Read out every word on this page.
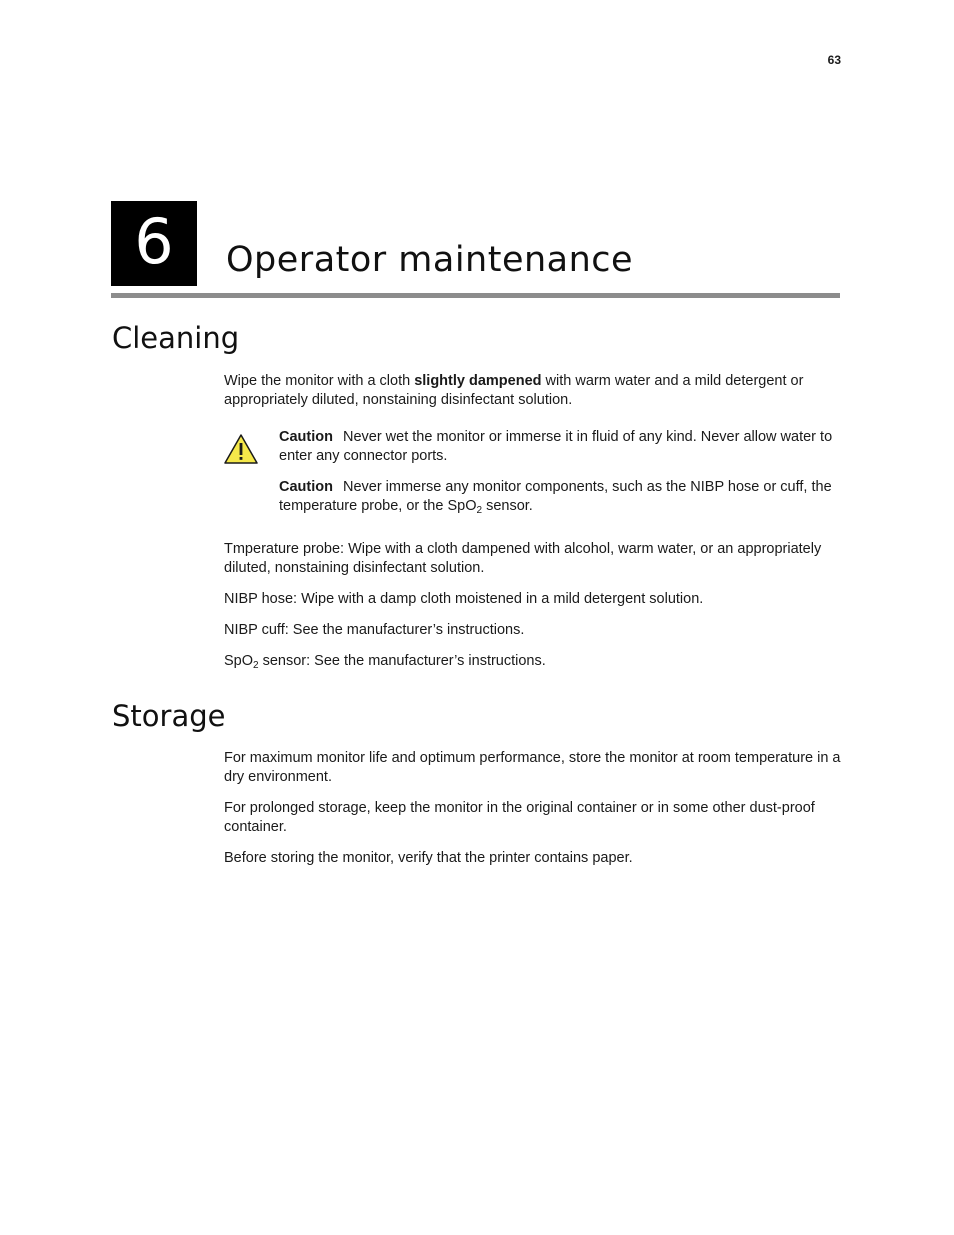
63
6	Operator maintenance
Cleaning
Wipe the monitor with a cloth slightly dampened with warm water and a mild detergent or appropriately diluted, nonstaining disinfectant solution.
Caution Never wet the monitor or immerse it in fluid of any kind. Never allow water to enter any connector ports.
Caution Never immerse any monitor components, such as the NIBP hose or cuff, the temperature probe, or the SpO$_2$ sensor.
Tmperature probe: Wipe with a cloth dampened with alcohol, warm water, or an appropriately diluted, nonstaining disinfectant solution.
NIBP hose: Wipe with a damp cloth moistened in a mild detergent solution.
NIBP cuff: See the manufacturer’s instructions.
SpO$_2$ sensor: See the manufacturer’s instructions.
Storage
For maximum monitor life and optimum performance, store the monitor at room temperature in a dry environment.
For prolonged storage, keep the monitor in the original container or in some other dust-proof container.
Before storing the monitor, verify that the printer contains paper.
